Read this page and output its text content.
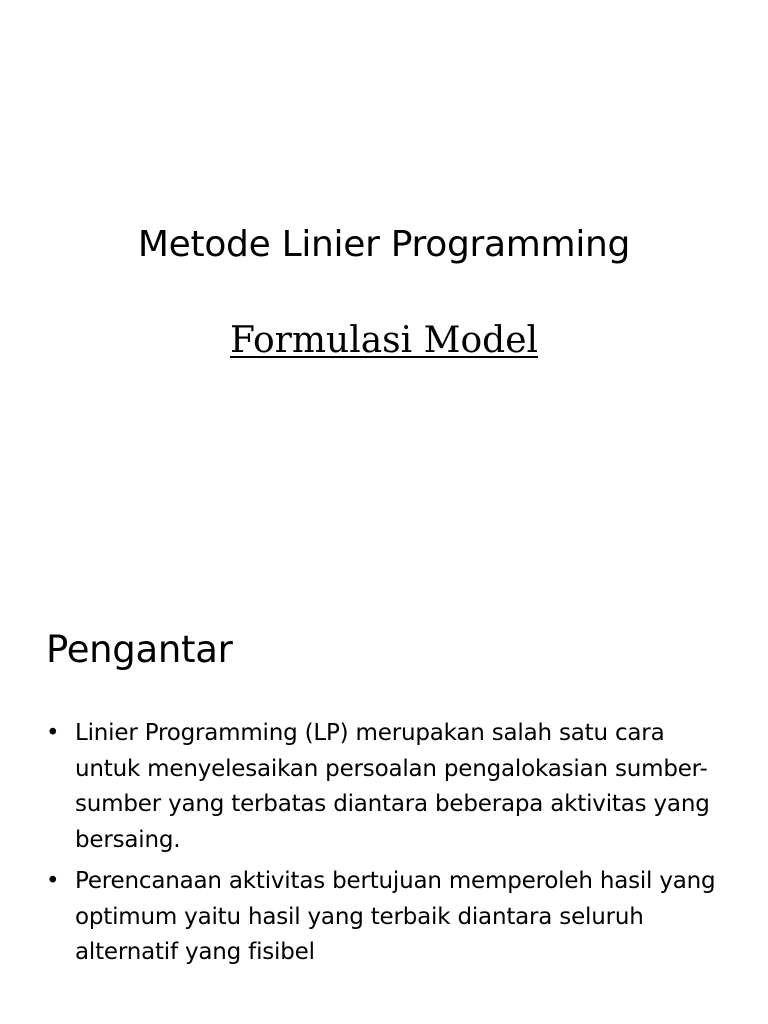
Metode Linier Programming
Formulasi Model
Pengantar
• Linier Programming (LP) merupakan salah satu cara untuk menyelesaikan persoalan pengalokasian sumber-sumber yang terbatas diantara beberapa aktivitas yang bersaing.
• Perencanaan aktivitas bertujuan memperoleh hasil yang optimum yaitu hasil yang terbaik diantara seluruh alternatif yang fisibel
